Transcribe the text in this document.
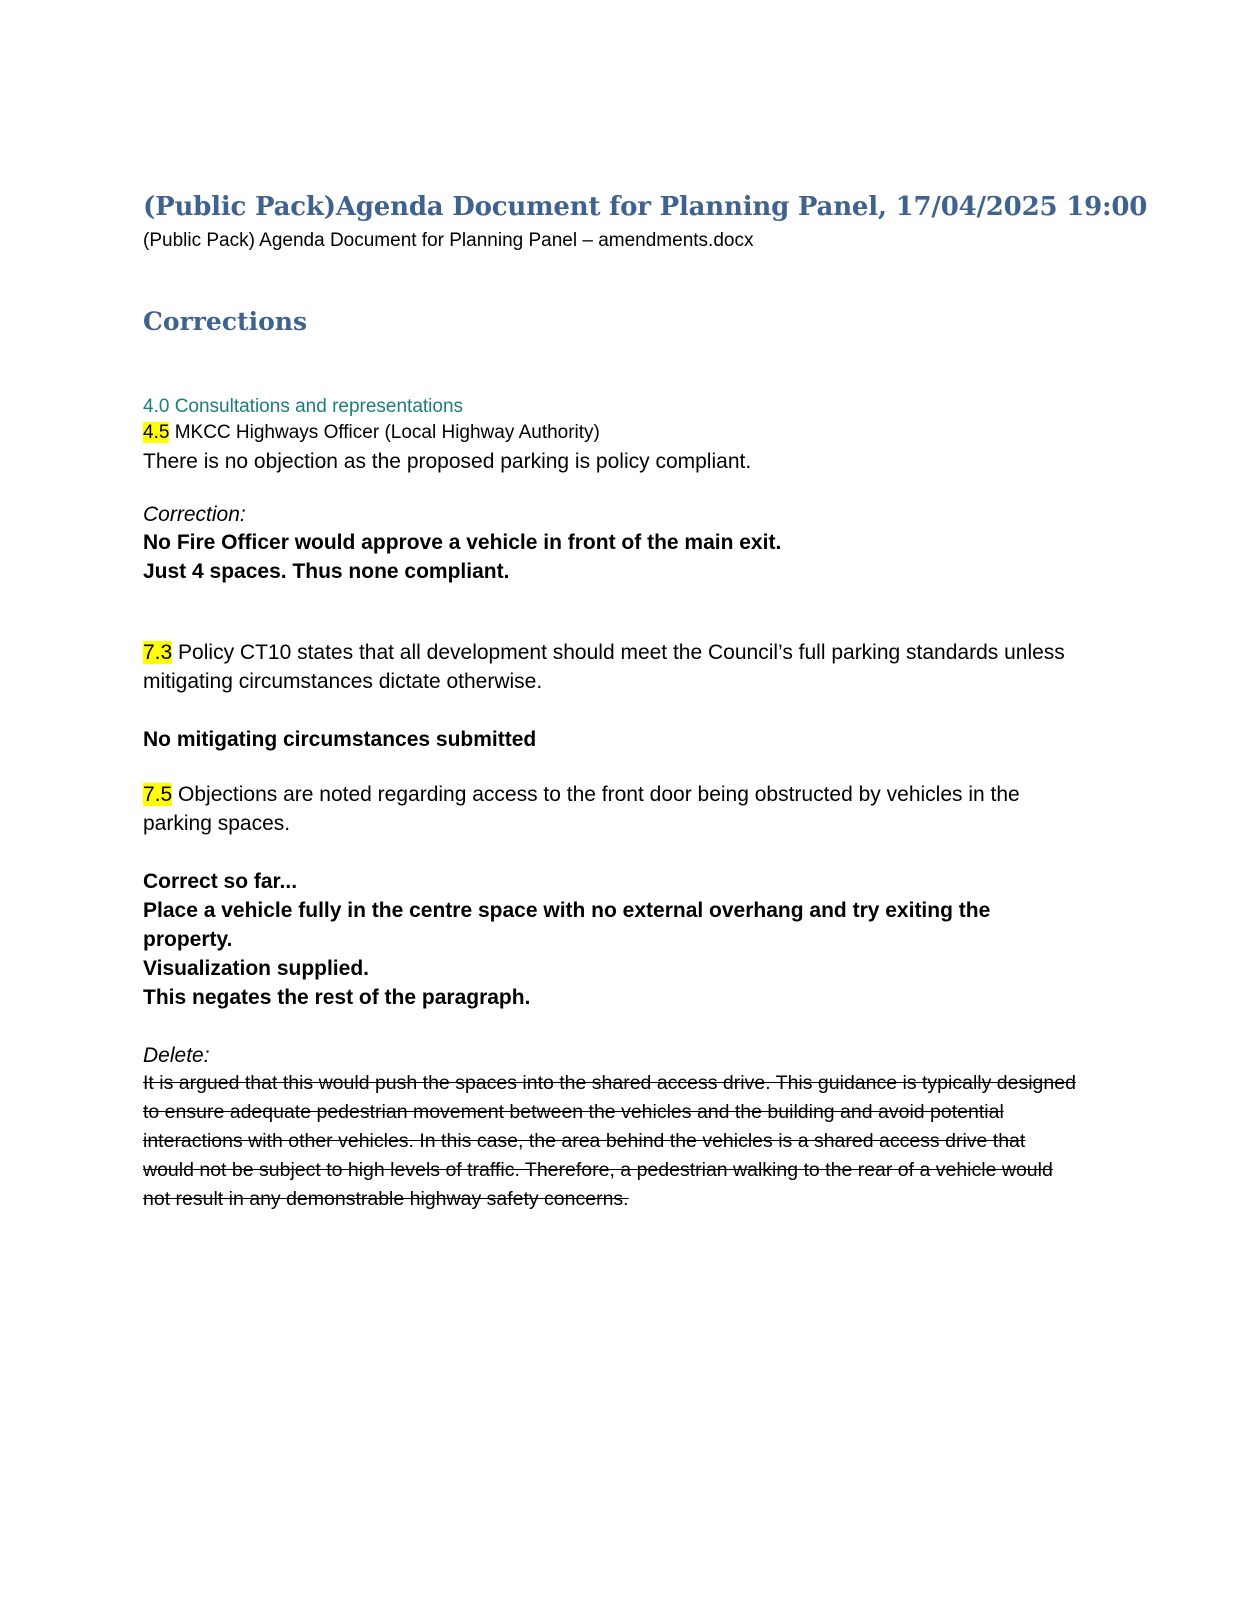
(Public Pack)Agenda Document for Planning Panel, 17/04/2025 19:00
(Public Pack) Agenda Document for Planning Panel – amendments.docx
Corrections
4.0 Consultations and representations
4.5 MKCC Highways Officer (Local Highway Authority)
There is no objection as the proposed parking is policy compliant.
Correction:
No Fire Officer would approve a vehicle in front of the main exit.
Just 4 spaces. Thus none compliant.
7.3 Policy CT10 states that all development should meet the Council’s full parking standards unless mitigating circumstances dictate otherwise.
No mitigating circumstances submitted
7.5 Objections are noted regarding access to the front door being obstructed by vehicles in the parking spaces.
Correct so far...
Place a vehicle fully in the centre space with no external overhang and try exiting the property.
Visualization supplied.
This negates the rest of the paragraph.
Delete:
It is argued that this would push the spaces into the shared access drive. This guidance is typically designed to ensure adequate pedestrian movement between the vehicles and the building and avoid potential interactions with other vehicles. In this case, the area behind the vehicles is a shared access drive that would not be subject to high levels of traffic. Therefore, a pedestrian walking to the rear of a vehicle would not result in any demonstrable highway safety concerns.
